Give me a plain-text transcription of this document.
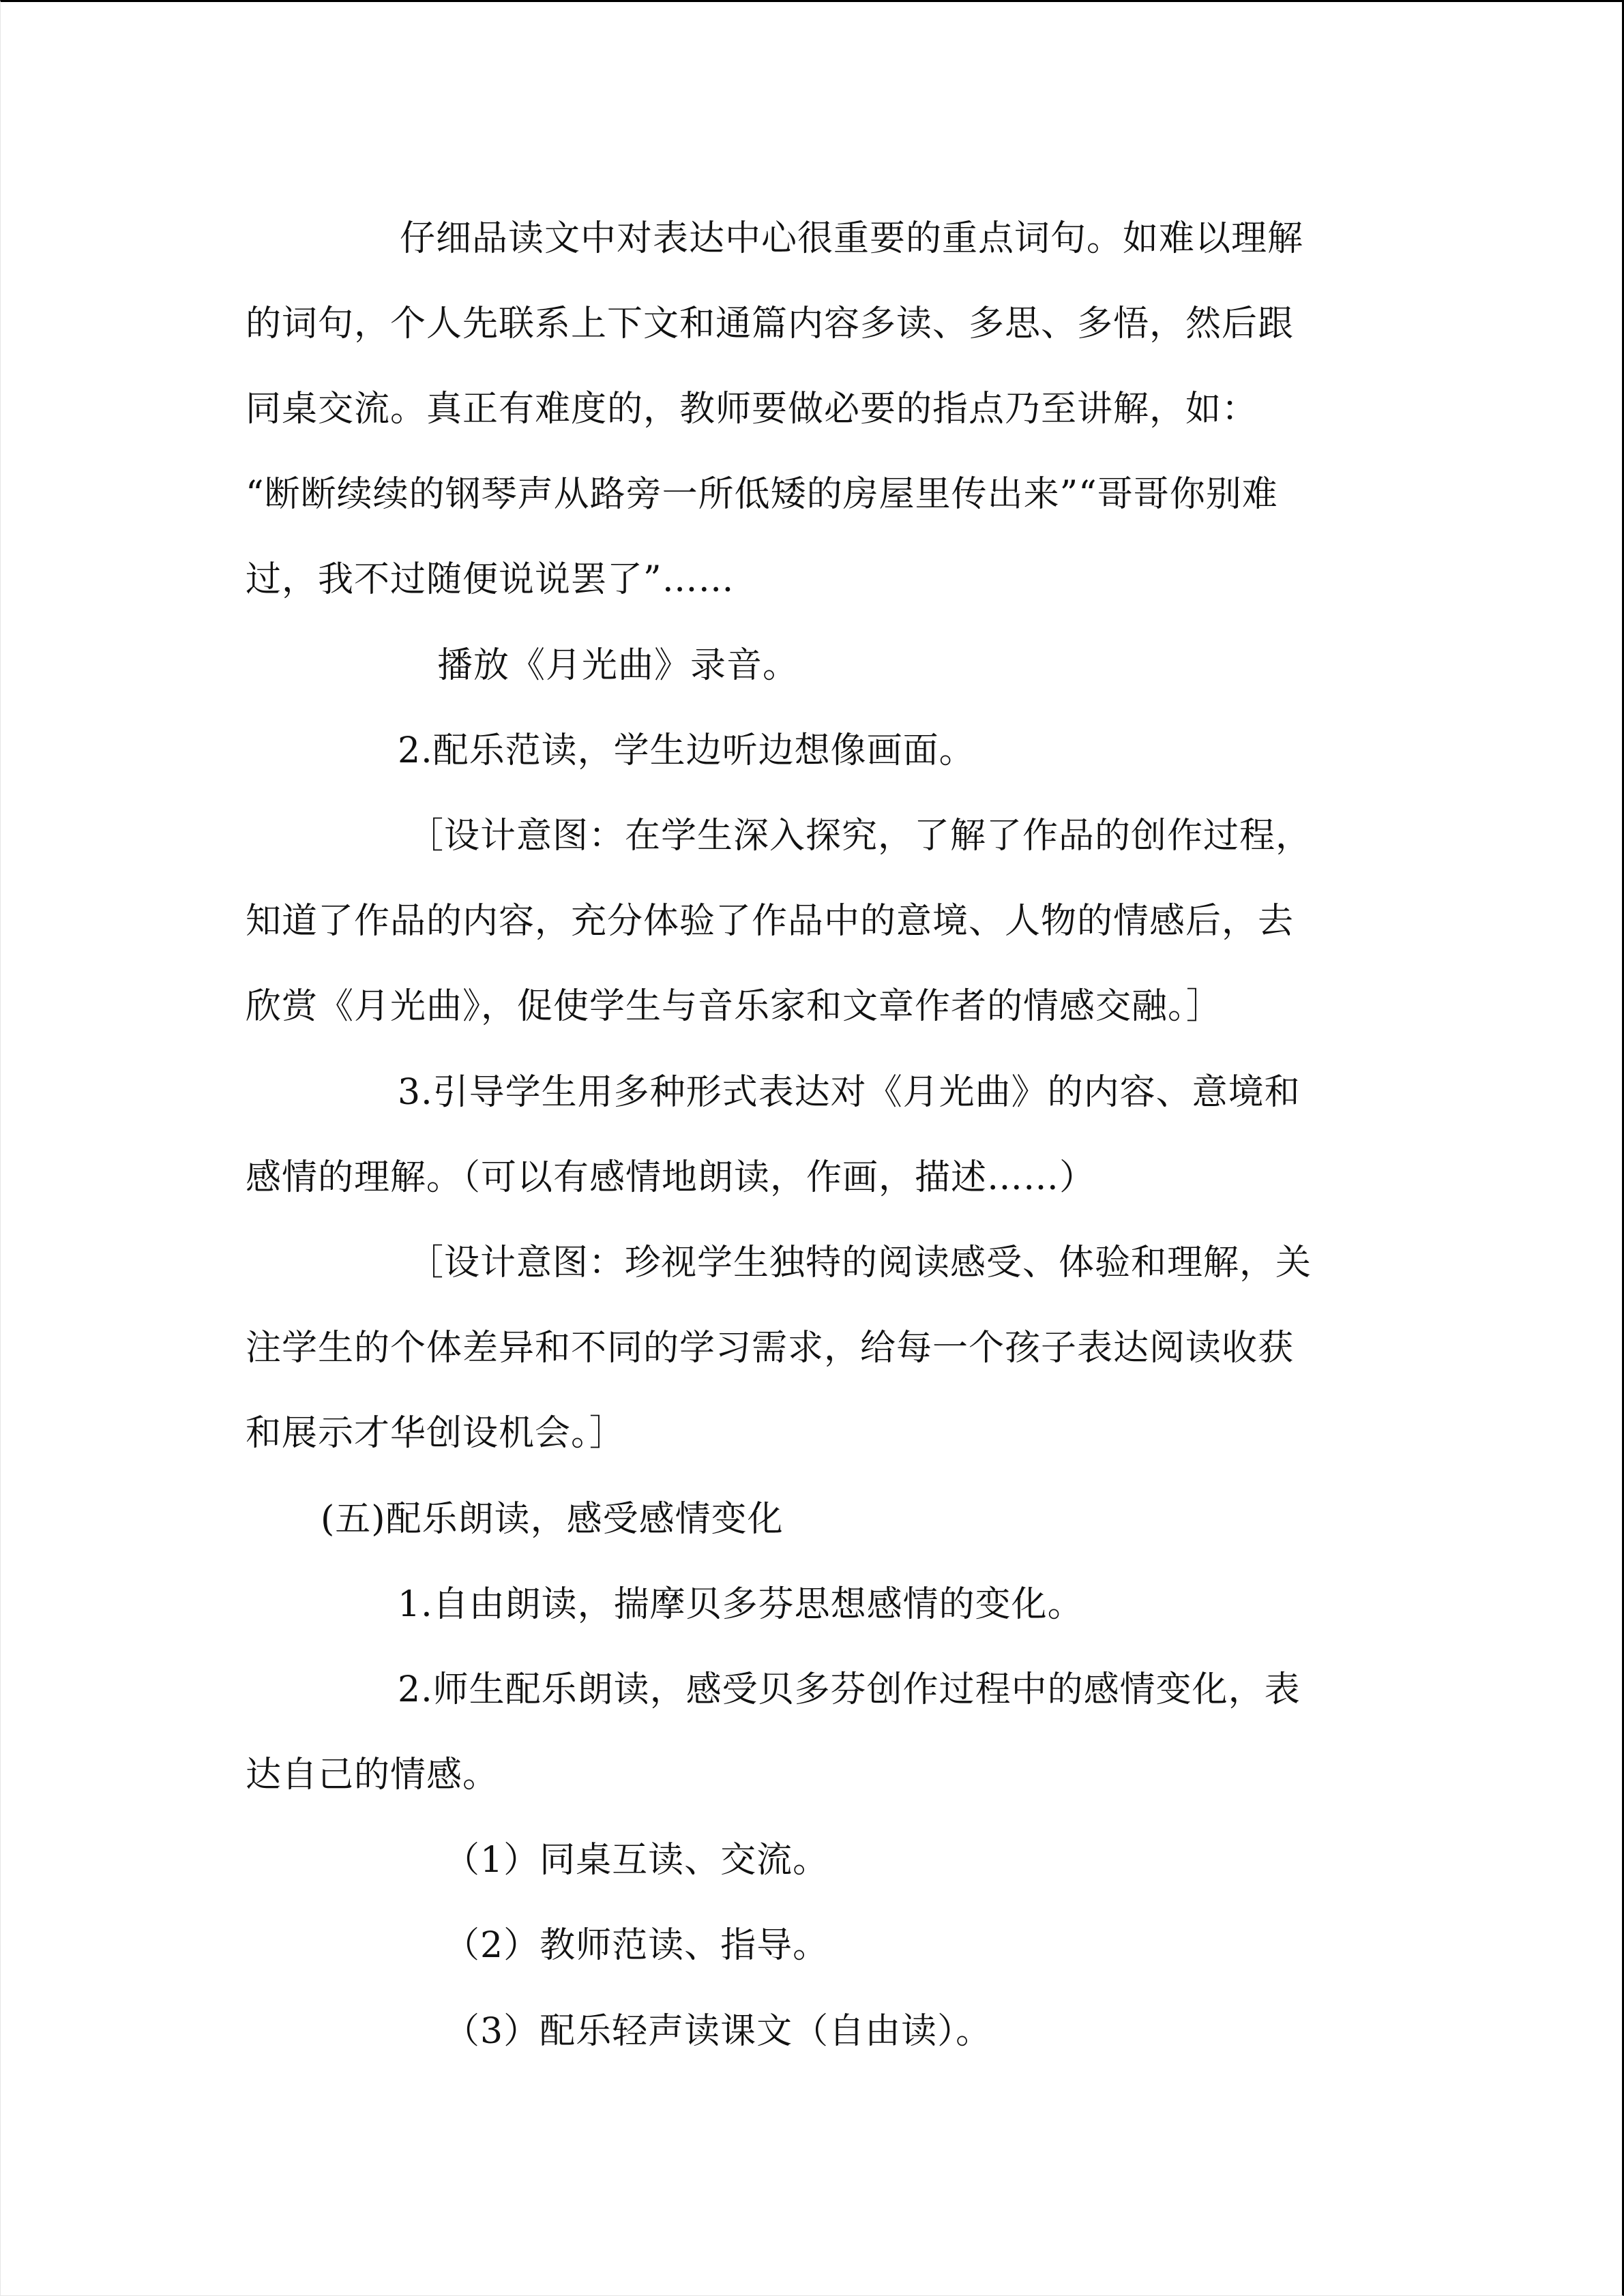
仔细品读文中对表达中心很重要的重点词句。如难以理解
的词句，个人先联系上下文和通篇内容多读、多思、多悟，然后跟
同桌交流。真正有难度的，教师要做必要的指点乃至讲解，如：
“断断续续的钢琴声从路旁一所低矮的房屋里传出来”“哥哥你别难
过，我不过随便说说罢了”……
播放《月光曲》录音。
2.配乐范读，学生边听边想像画面。
［设计意图：在学生深入探究，了解了作品的创作过程，
知道了作品的内容，充分体验了作品中的意境、人物的情感后，去
欣赏《月光曲》，促使学生与音乐家和文章作者的情感交融。］
3.引导学生用多种形式表达对《月光曲》的内容、意境和
感情的理解。（可以有感情地朗读，作画，描述……）
［设计意图：珍视学生独特的阅读感受、体验和理解，关
注学生的个体差异和不同的学习需求，给每一个孩子表达阅读收获
和展示才华创设机会。］
(五)配乐朗读，感受感情变化
1.自由朗读，揣摩贝多芬思想感情的变化。
2.师生配乐朗读，感受贝多芬创作过程中的感情变化，表
达自己的情感。
（1）同桌互读、交流。
（2）教师范读、指导。
（3）配乐轻声读课文（自由读）。
